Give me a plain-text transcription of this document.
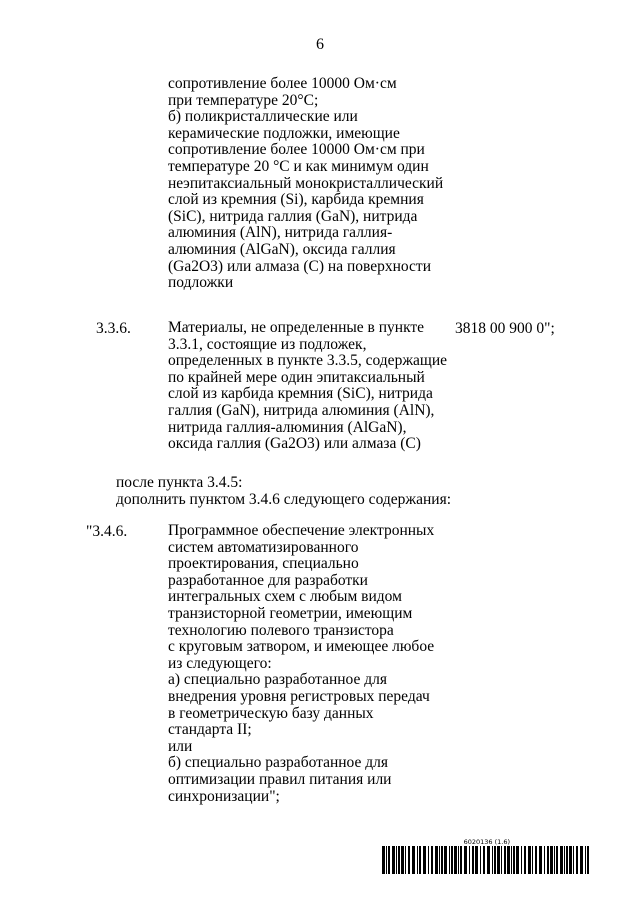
6
сопротивление более 10000 Ом·см
при температуре 20°С;
б) поликристаллические или
керамические подложки, имеющие
сопротивление более 10000 Ом·см при
температуре 20 °С и как минимум один
неэпитаксиальный монокристаллический
слой из кремния (Si), карбида кремния
(SiC), нитрида галлия (GaN), нитрида
алюминия (AlN), нитрида галлия-
алюминия (AlGaN), оксида галлия
(Ga2O3) или алмаза (С) на поверхности
подложки
3.3.6. Материалы, не определенные в пункте
3.3.1, состоящие из подложек,
определенных в пункте 3.3.5, содержащие
по крайней мере один эпитаксиальный
слой из карбида кремния (SiC), нитрида
галлия (GaN), нитрида алюминия (AlN),
нитрида галлия-алюминия (AlGaN),
оксида галлия (Ga2O3) или алмаза (С)
3818 00 900 0";
после пункта 3.4.5:
дополнить пунктом 3.4.6 следующего содержания:
"3.4.6.	Программное обеспечение электронных
систем автоматизированного
проектирования, специально
разработанное для разработки
интегральных схем с любым видом
транзисторной геометрии, имеющим
технологию полевого транзистора
с круговым затвором, и имеющее любое
из следующего:
а) специально разработанное для
внедрения уровня регистровых передач
в геометрическую базу данных
стандарта II;
или
б) специально разработанное для
оптимизации правил питания или
синхронизации";
6020136 (1.6)
